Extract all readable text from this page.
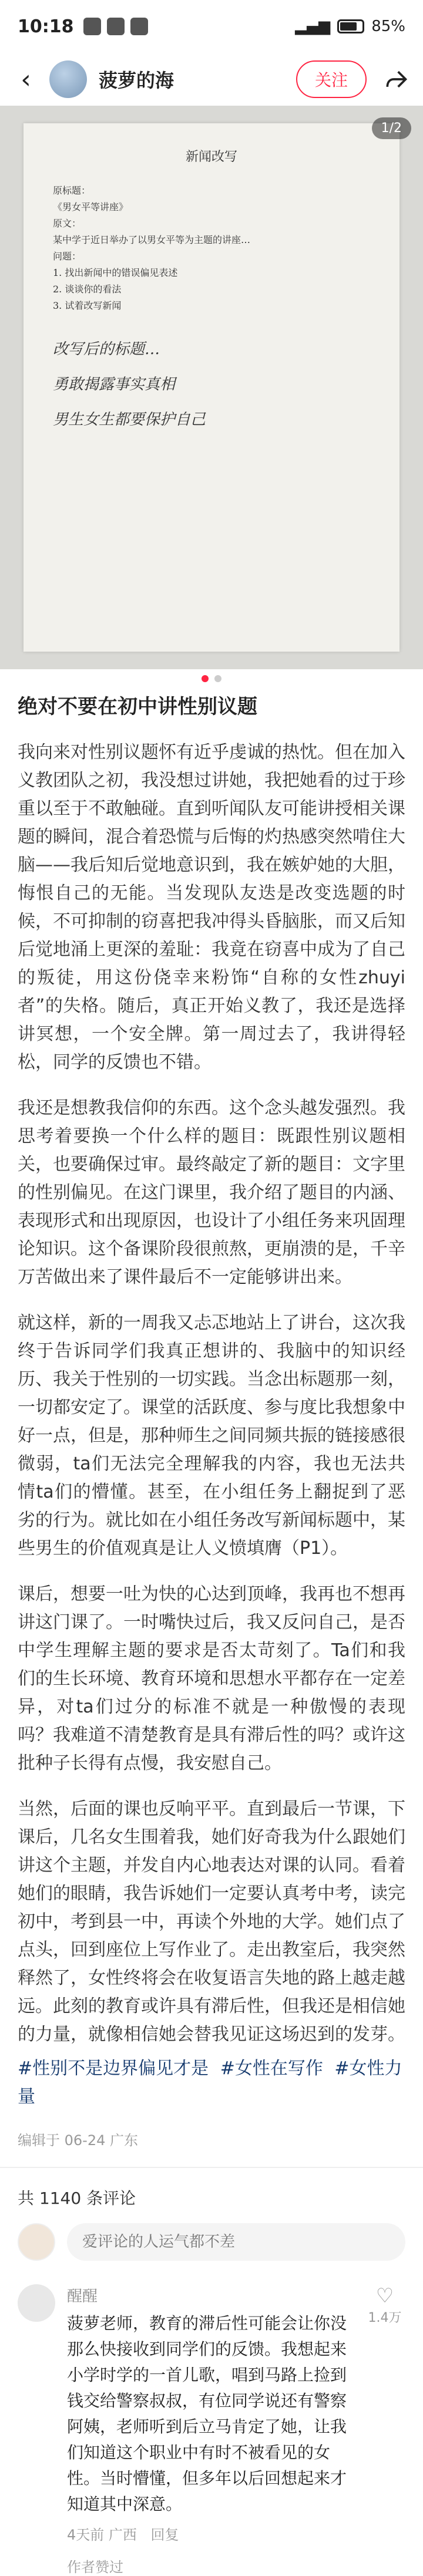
10:18	▂▄▆	85%
‹	菠萝的海	关注
新闻改写
原标题：
《男女平等讲座》
原文：
某中学于近日举办了以男女平等为主题的讲座…
问题：
1. 找出新闻中的错误偏见表述
2. 谈谈你的看法
3. 试着改写新闻
改写后的标题…
勇敢揭露事实真相
男生女生都要保护自己
1/2
绝对不要在初中讲性别议题
我向来对性别议题怀有近乎虔诚的热忱。但在加入义教团队之初，我没想过讲她，我把她看的过于珍重以至于不敢触碰。直到听闻队友可能讲授相关课题的瞬间，混合着恐慌与后悔的灼热感突然啃住大脑——我后知后觉地意识到，我在嫉妒她的大胆，悔恨自己的无能。当发现队友迭是改变选题的时候，不可抑制的窃喜把我冲得头昏脑胀，而又后知后觉地涌上更深的羞耻：我竟在窃喜中成为了自己的叛徒，用这份侥幸来粉饰“自称的女性zhuyi者”的失格。随后，真正开始义教了，我还是选择讲冥想，一个安全牌。第一周过去了，我讲得轻松，同学的反馈也不错。
我还是想教我信仰的东西。这个念头越发强烈。我思考着要换一个什么样的题目：既跟性别议题相关，也要确保过审。最终敲定了新的题目：文字里的性别偏见。在这门课里，我介绍了题目的内涵、表现形式和出现原因，也设计了小组任务来巩固理论知识。这个备课阶段很煎熬，更崩溃的是，千辛万苦做出来了课件最后不一定能够讲出来。
就这样，新的一周我又忐忑地站上了讲台，这次我终于告诉同学们我真正想讲的、我脑中的知识经历、我关于性别的一切实践。当念出标题那一刻，一切都安定了。课堂的活跃度、参与度比我想象中好一点，但是，那种师生之间同频共振的链接感很微弱，ta们无法完全理解我的内容，我也无法共情ta们的懵懂。甚至，在小组任务上翻捉到了恶劣的行为。就比如在小组任务改写新闻标题中，某些男生的价值观真是让人义愤填膺（P1）。
课后，想要一吐为快的心达到顶峰，我再也不想再讲这门课了。一时嘴快过后，我又反问自己，是否中学生理解主题的要求是否太苛刻了。Ta们和我们的生长环境、教育环境和思想水平都存在一定差异，对ta们过分的标准不就是一种傲慢的表现吗？我难道不清楚教育是具有滞后性的吗？或许这批种子长得有点慢，我安慰自己。
当然，后面的课也反响平平。直到最后一节课，下课后，几名女生围着我，她们好奇我为什么跟她们讲这个主题，并发自内心地表达对课的认同。看着她们的眼睛，我告诉她们一定要认真考中考，读完初中，考到县一中，再读个外地的大学。她们点了点头，回到座位上写作业了。走出教室后，我突然释然了，女性终将会在收复语言失地的路上越走越远。此刻的教育或许具有滞后性，但我还是相信她的力量，就像相信她会替我见证这场迟到的发芽。
#性别不是边界偏见才是 #女性在写作 #女性力量
编辑于 06-24 广东
共 1140 条评论
爱评论的人运气都不差
醒醒
菠萝老师，教育的滞后性可能会让你没那么快接收到同学们的反馈。我想起来小学时学的一首儿歌，唱到马路上捡到钱交给警察叔叔，有位同学说还有警察阿姨，老师听到后立马肯定了她，让我们知道这个职业中有时不被看见的女性。当时懵懂，但多年以后回想起来才知道其中深意。
4天前 广西 回复
♡
1.4万
作者赞过
